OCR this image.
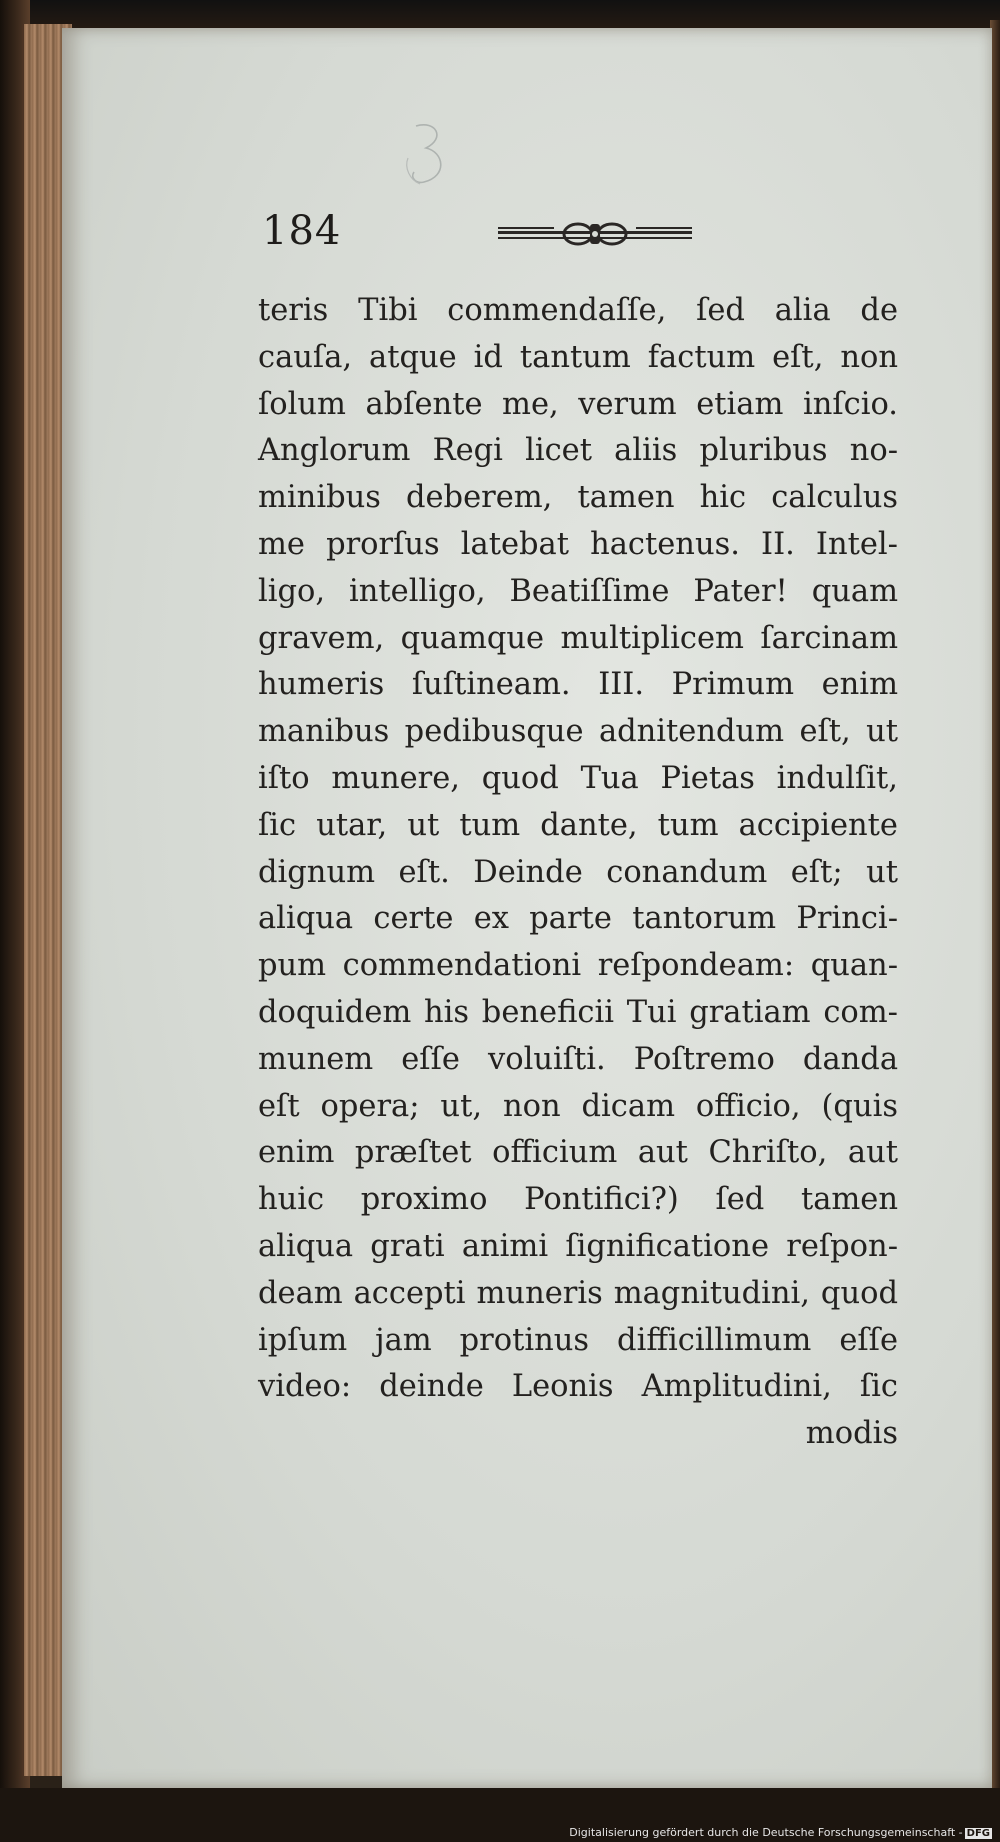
184
teris Tibi commendaſſe, ſed alia de
cauſa, atque id tantum factum eſt, non
ſolum abſente me, verum etiam inſcio.
Anglorum Regi licet aliis pluribus no-
minibus deberem, tamen hic calculus
me prorſus latebat hactenus. II. Intel-
ligo, intelligo, Beatiſſime Pater! quam
gravem, quamque multiplicem ſarcinam
humeris ſuſtineam. III. Primum enim
manibus pedibusque adnitendum eſt, ut
iſto munere, quod Tua Pietas indulſit,
ſic utar, ut tum dante, tum accipiente
dignum eſt. Deinde conandum eſt; ut
aliqua certe ex parte tantorum Princi-
pum commendationi reſpondeam: quan-
doquidem his beneficii Tui gratiam com-
munem eſſe voluiſti. Poſtremo danda
eſt opera; ut, non dicam officio, (quis
enim præſtet officium aut Chriſto, aut
huic proximo Pontifici?) ſed tamen
aliqua grati animi ſignificatione reſpon-
deam accepti muneris magnitudini, quod
ipſum jam protinus difficillimum eſſe
video: deinde Leonis Amplitudini, ſic
modis
Digitalisierung gefördert durch die Deutsche Forschungsgemeinschaft - DFG
